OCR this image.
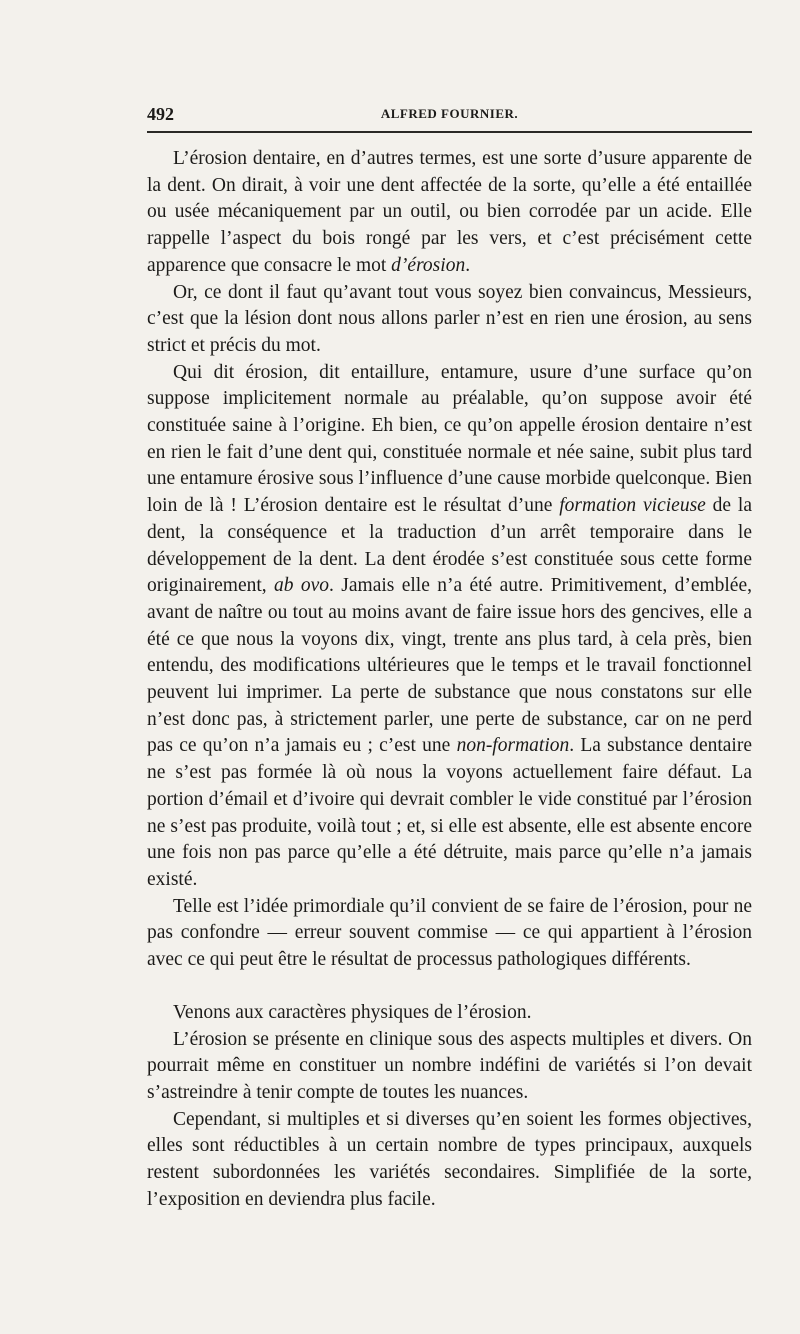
492	ALFRED FOURNIER.

L’érosion dentaire, en d’autres termes, est une sorte d’usure apparente de la dent. On dirait, à voir une dent affectée de la sorte, qu’elle a été entaillée ou usée mécaniquement par un outil, ou bien corrodée par un acide. Elle rappelle l’aspect du bois rongé par les vers, et c’est précisément cette apparence que consacre le mot d’érosion.

Or, ce dont il faut qu’avant tout vous soyez bien convaincus, Messieurs, c’est que la lésion dont nous allons parler n’est en rien une érosion, au sens strict et précis du mot.

Qui dit érosion, dit entaillure, entamure, usure d’une surface qu’on suppose implicitement normale au préalable, qu’on suppose avoir été constituée saine à l’origine. Eh bien, ce qu’on appelle érosion dentaire n’est en rien le fait d’une dent qui, constituée normale et née saine, subit plus tard une entamure érosive sous l’influence d’une cause morbide quelconque. Bien loin de là ! L’érosion dentaire est le résultat d’une formation vicieuse de la dent, la conséquence et la traduction d’un arrêt temporaire dans le développement de la dent. La dent érodée s’est constituée sous cette forme originairement, ab ovo. Jamais elle n’a été autre. Primitivement, d’emblée, avant de naître ou tout au moins avant de faire issue hors des gencives, elle a été ce que nous la voyons dix, vingt, trente ans plus tard, à cela près, bien entendu, des modifications ultérieures que le temps et le travail fonctionnel peuvent lui imprimer. La perte de substance que nous constatons sur elle n’est donc pas, à strictement parler, une perte de substance, car on ne perd pas ce qu’on n’a jamais eu ; c’est une non-formation. La substance dentaire ne s’est pas formée là où nous la voyons actuellement faire défaut. La portion d’émail et d’ivoire qui devrait combler le vide constitué par l’érosion ne s’est pas produite, voilà tout ; et, si elle est absente, elle est absente encore une fois non pas parce qu’elle a été détruite, mais parce qu’elle n’a jamais existé.

Telle est l’idée primordiale qu’il convient de se faire de l’érosion, pour ne pas confondre — erreur souvent commise — ce qui appartient à l’érosion avec ce qui peut être le résultat de processus pathologiques différents.

Venons aux caractères physiques de l’érosion.

L’érosion se présente en clinique sous des aspects multiples et divers. On pourrait même en constituer un nombre indéfini de variétés si l’on devait s’astreindre à tenir compte de toutes les nuances.

Cependant, si multiples et si diverses qu’en soient les formes objectives, elles sont réductibles à un certain nombre de types principaux, auxquels restent subordonnées les variétés secondaires. Simplifiée de la sorte, l’exposition en deviendra plus facile.
